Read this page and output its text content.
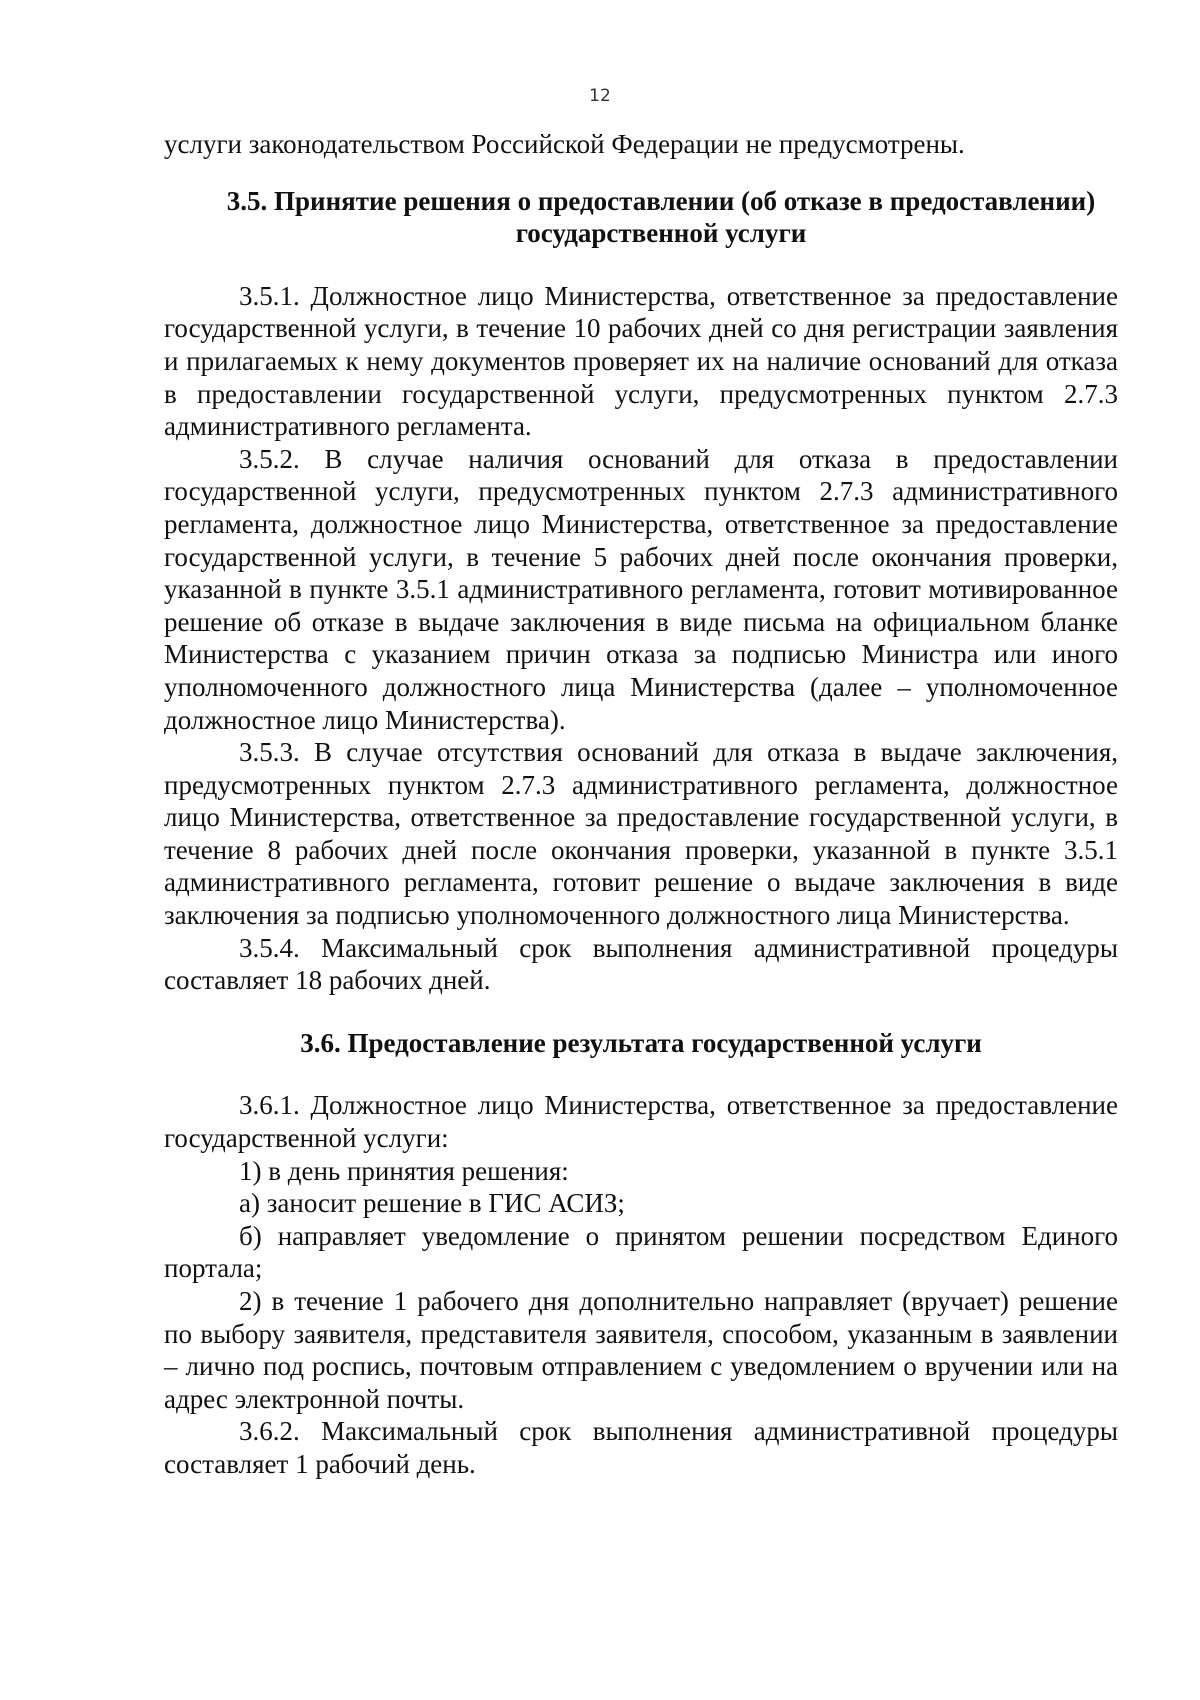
12

услуги законодательством Российской Федерации не предусмотрены.

3.5. Принятие решения о предоставлении (об отказе в предоставлении) государственной услуги

3.5.1. Должностное лицо Министерства, ответственное за предоставление государственной услуги, в течение 10 рабочих дней со дня регистрации заявления и прилагаемых к нему документов проверяет их на наличие оснований для отказа в предоставлении государственной услуги, предусмотренных пунктом 2.7.3 административного регламента.

3.5.2. В случае наличия оснований для отказа в предоставлении государственной услуги, предусмотренных пунктом 2.7.3 административного регламента, должностное лицо Министерства, ответственное за предоставление государственной услуги, в течение 5 рабочих дней после окончания проверки, указанной в пункте 3.5.1 административного регламента, готовит мотивированное решение об отказе в выдаче заключения в виде письма на официальном бланке Министерства с указанием причин отказа за подписью Министра или иного уполномоченного должностного лица Министерства (далее – уполномоченное должностное лицо Министерства).

3.5.3. В случае отсутствия оснований для отказа в выдаче заключения, предусмотренных пунктом 2.7.3 административного регламента, должностное лицо Министерства, ответственное за предоставление государственной услуги, в течение 8 рабочих дней после окончания проверки, указанной в пункте 3.5.1 административного регламента, готовит решение о выдаче заключения в виде заключения за подписью уполномоченного должностного лица Министерства.

3.5.4. Максимальный срок выполнения административной процедуры составляет 18 рабочих дней.

3.6. Предоставление результата государственной услуги

3.6.1. Должностное лицо Министерства, ответственное за предоставление государственной услуги:

1) в день принятия решения:

а) заносит решение в ГИС АСИЗ;

б) направляет уведомление о принятом решении посредством Единого портала;

2) в течение 1 рабочего дня дополнительно направляет (вручает) решение по выбору заявителя, представителя заявителя, способом, указанным в заявлении – лично под роспись, почтовым отправлением с уведомлением о вручении или на адрес электронной почты.

3.6.2. Максимальный срок выполнения административной процедуры составляет 1 рабочий день.
